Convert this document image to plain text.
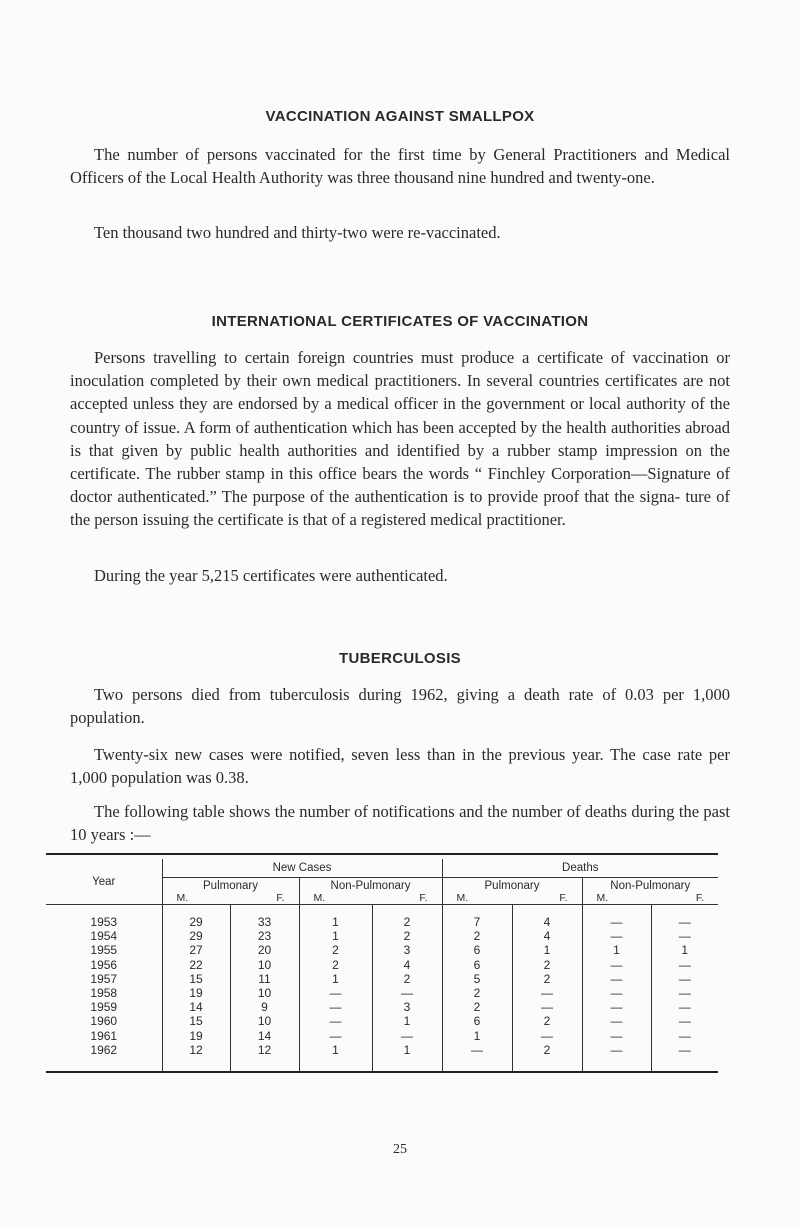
VACCINATION AGAINST SMALLPOX

The number of persons vaccinated for the first time by General Practitioners and Medical Officers of the Local Health Authority was three thousand nine hundred and twenty-one.

Ten thousand two hundred and thirty-two were re-vaccinated.

INTERNATIONAL CERTIFICATES OF VACCINATION

Persons travelling to certain foreign countries must produce a certificate of vaccination or inoculation completed by their own medical practitioners. In several countries certificates are not accepted unless they are endorsed by a medical officer in the government or local authority of the country of issue. A form of authentication which has been accepted by the health authorities abroad is that given by public health authorities and identified by a rubber stamp impression on the certificate. The rubber stamp in this office bears the words “ Finchley Corporation—Signature of doctor authenticated.” The purpose of the authentication is to provide proof that the signa- ture of the person issuing the certificate is that of a registered medical practitioner.

During the year 5,215 certificates were authenticated.

TUBERCULOSIS

Two persons died from tuberculosis during 1962, giving a death rate of 0.03 per 1,000 population.

Twenty-six new cases were notified, seven less than in the previous year. The case rate per 1,000 population was 0.38.

The following table shows the number of notifications and the number of deaths during the past 10 years :—

Year	New Cases				Deaths			
	Pulmonary		Non-Pulmonary		Pulmonary		Non-Pulmonary	
	M.	F.	M.	F.	M.	F.	M.	F.

1953	29	33	1	2	7	4	—	—
1954	29	23	1	2	2	4	—	—
1955	27	20	2	3	6	1	1	1
1956	22	10	2	4	6	2	—	—
1957	15	11	1	2	5	2	—	—
1958	19	10	—	—	2	—	—	—
1959	14	9	—	3	2	—	—	—
1960	15	10	—	1	6	2	—	—
1961	19	14	—	—	1	—	—	—
1962	12	12	1	1	—	2	—	—

25
